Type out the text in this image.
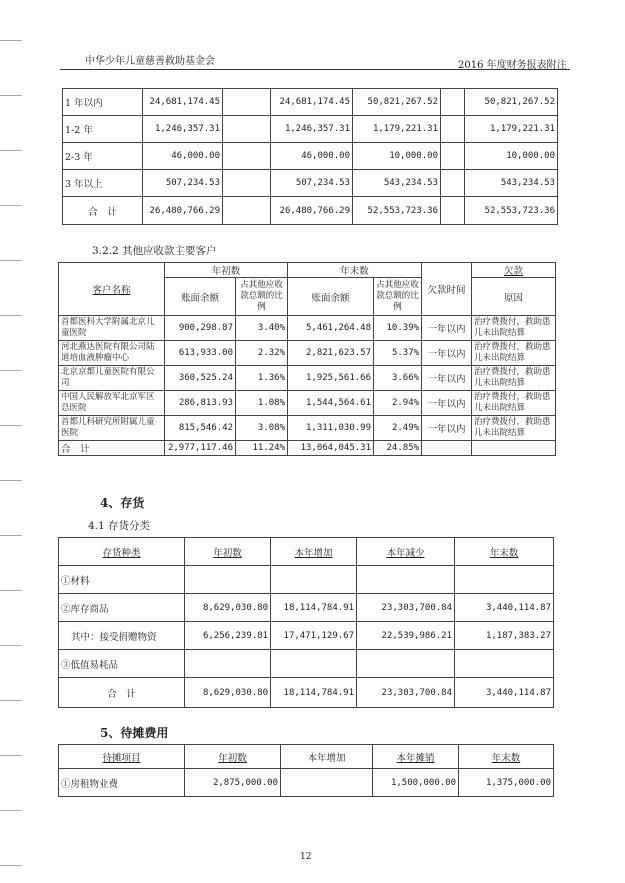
中华少年儿童慈善救助基金会	2016 年度财务报表附注
1 年以内	24,681,174.45		24,681,174.45	50,821,267.52		50,821,267.52
1-2 年	1,246,357.31		1,246,357.31	1,179,221.31		1,179,221.31
2-3 年	46,000.00		46,000.00	10,000.00		10,000.00
3 年以上	507,234.53		507,234.53	543,234.53		543,234.53
合　计	26,480,766.29		26,480,766.29	52,553,723.36		52,553,723.36
3.2.2 其他应收款主要客户
客户名称	年初数		年末数		欠款时间	欠款
	账面余额	占其他应收款总额的比例	账面余额	占其他应收款总额的比例		原因
首都医科大学附属北京儿童医院	900,298.87	3.40%	5,461,264.48	10.39%	一年以内	治疗费拨付，救助患儿未出院结算
河北燕达医院有限公司陆道培血液肿瘤中心	613,933.00	2.32%	2,821,623.57	5.37%	一年以内	治疗费拨付，救助患儿未出院结算
北京京都儿童医院有限公司	360,525.24	1.36%	1,925,561.66	3.66%	一年以内	治疗费拨付，救助患儿未出院结算
中国人民解放军北京军区总医院	286,813.93	1.08%	1,544,564.61	2.94%	一年以内	治疗费拨付，救助患儿未出院结算
首都儿科研究所附属儿童医院	815,546.42	3.08%	1,311,030.99	2.49%	一年以内	治疗费拨付，救助患儿未出院结算
合　计	2,977,117.46	11.24%	13,064,045.31	24.85%		
4、存货
4.1 存货分类
存货种类	年初数	本年增加	本年减少	年末数
①材料				
②库存商品	8,629,030.80	18,114,784.91	23,303,700.84	3,440,114.87
其中：接受捐赠物资	6,256,239.81	17,471,129.67	22,539,986.21	1,187,383.27
③低值易耗品				
合　计	8,629,030.80	18,114,784.91	23,303,700.84	3,440,114.87
5、待摊费用
待摊项目	年初数	本年增加	本年摊销	年末数
①房租物业费	2,875,000.00		1,500,000.00	1,375,000.00
12
